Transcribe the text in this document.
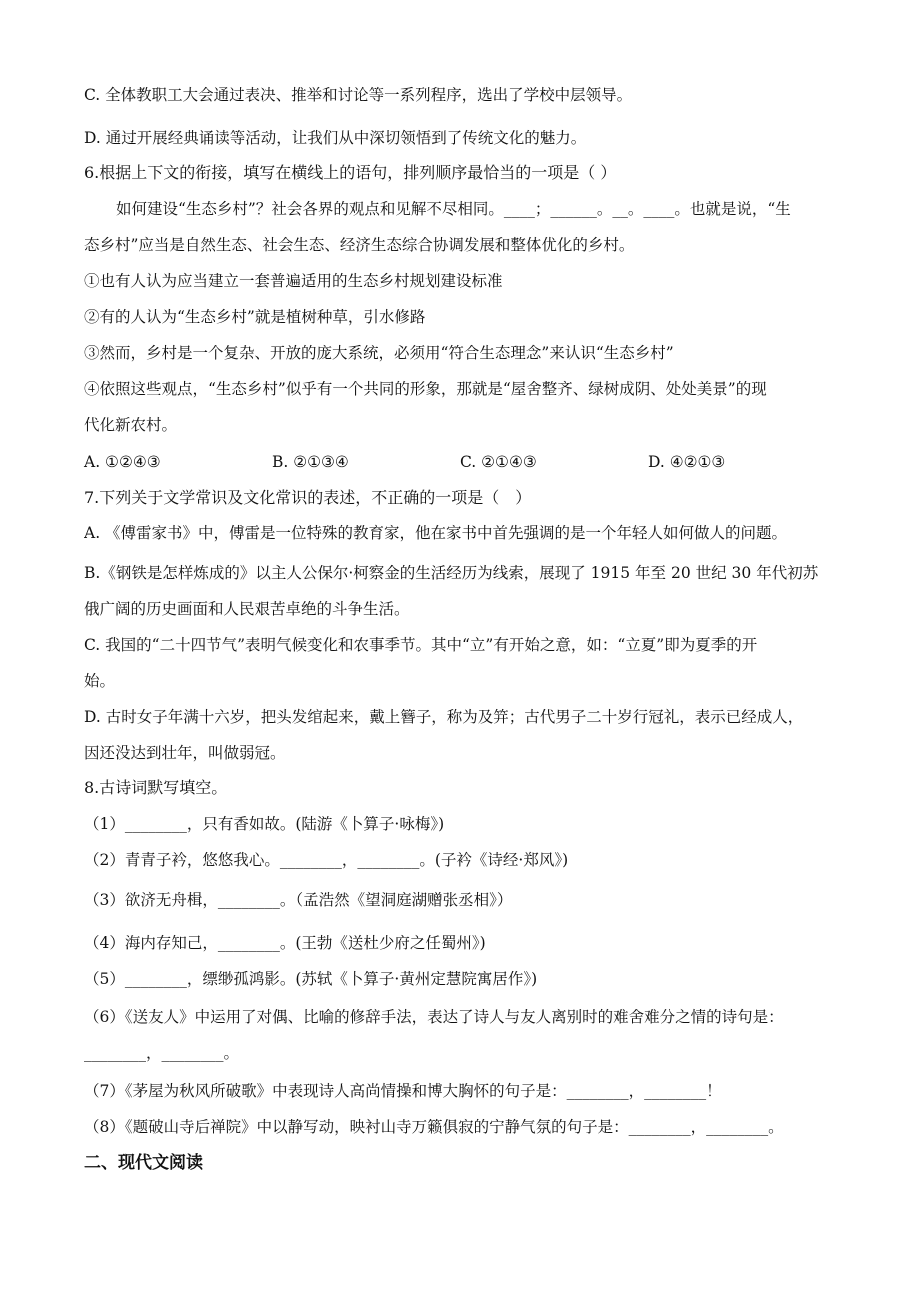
C. 全体教职工大会通过表决、推举和讨论等一系列程序，选出了学校中层领导。
D. 通过开展经典诵读等活动，让我们从中深切领悟到了传统文化的魅力。
6.根据上下文的衔接，填写在横线上的语句，排列顺序最恰当的一项是（ ）
如何建设“生态乡村”？社会各界的观点和见解不尽相同。____；______。__。____。也就是说，“生
态乡村”应当是自然生态、社会生态、经济生态综合协调发展和整体优化的乡村。
①也有人认为应当建立一套普遍适用的生态乡村规划建设标准
②有的人认为“生态乡村”就是植树种草，引水修路
③然而，乡村是一个复杂、开放的庞大系统，必须用“符合生态理念”来认识“生态乡村”
④依照这些观点，“生态乡村”似乎有一个共同的形象，那就是“屋舍整齐、绿树成阴、处处美景”的现
代化新农村。
A. ①②④③	B. ②①③④	C. ②①④③	D. ④②①③
7.下列关于文学常识及文化常识的表述，不正确的一项是（　）
A. 《傅雷家书》中，傅雷是一位特殊的教育家，他在家书中首先强调的是一个年轻人如何做人的问题。
B.《钢铁是怎样炼成的》以主人公保尔·柯察金的生活经历为线索，展现了 1915 年至 20 世纪 30 年代初苏
俄广阔的历史画面和人民艰苦卓绝的斗争生活。
C. 我国的“二十四节气”表明气候变化和农事季节。其中“立”有开始之意，如：“立夏”即为夏季的开
始。
D. 古时女子年满十六岁，把头发绾起来，戴上簪子，称为及笄；古代男子二十岁行冠礼，表示已经成人，
因还没达到壮年，叫做弱冠。
8.古诗词默写填空。
（1）________，只有香如故。(陆游《卜算子·咏梅》)
（2）青青子衿，悠悠我心。________，________。(子衿《诗经·郑风》)
（3）欲济无舟楫，________。（孟浩然《望洞庭湖赠张丞相》）
（4）海内存知己，________。(王勃《送杜少府之任蜀州》)
（5）________，缥缈孤鸿影。(苏轼《卜算子·黄州定慧院寓居作》)
（6）《送友人》中运用了对偶、比喻的修辞手法，表达了诗人与友人离别时的难舍难分之情的诗句是：
________，________。
（7）《茅屋为秋风所破歌》中表现诗人高尚情操和博大胸怀的句子是：________，________！
（8）《题破山寺后禅院》中以静写动，映衬山寺万籁俱寂的宁静气氛的句子是：________，________。
二、现代文阅读
